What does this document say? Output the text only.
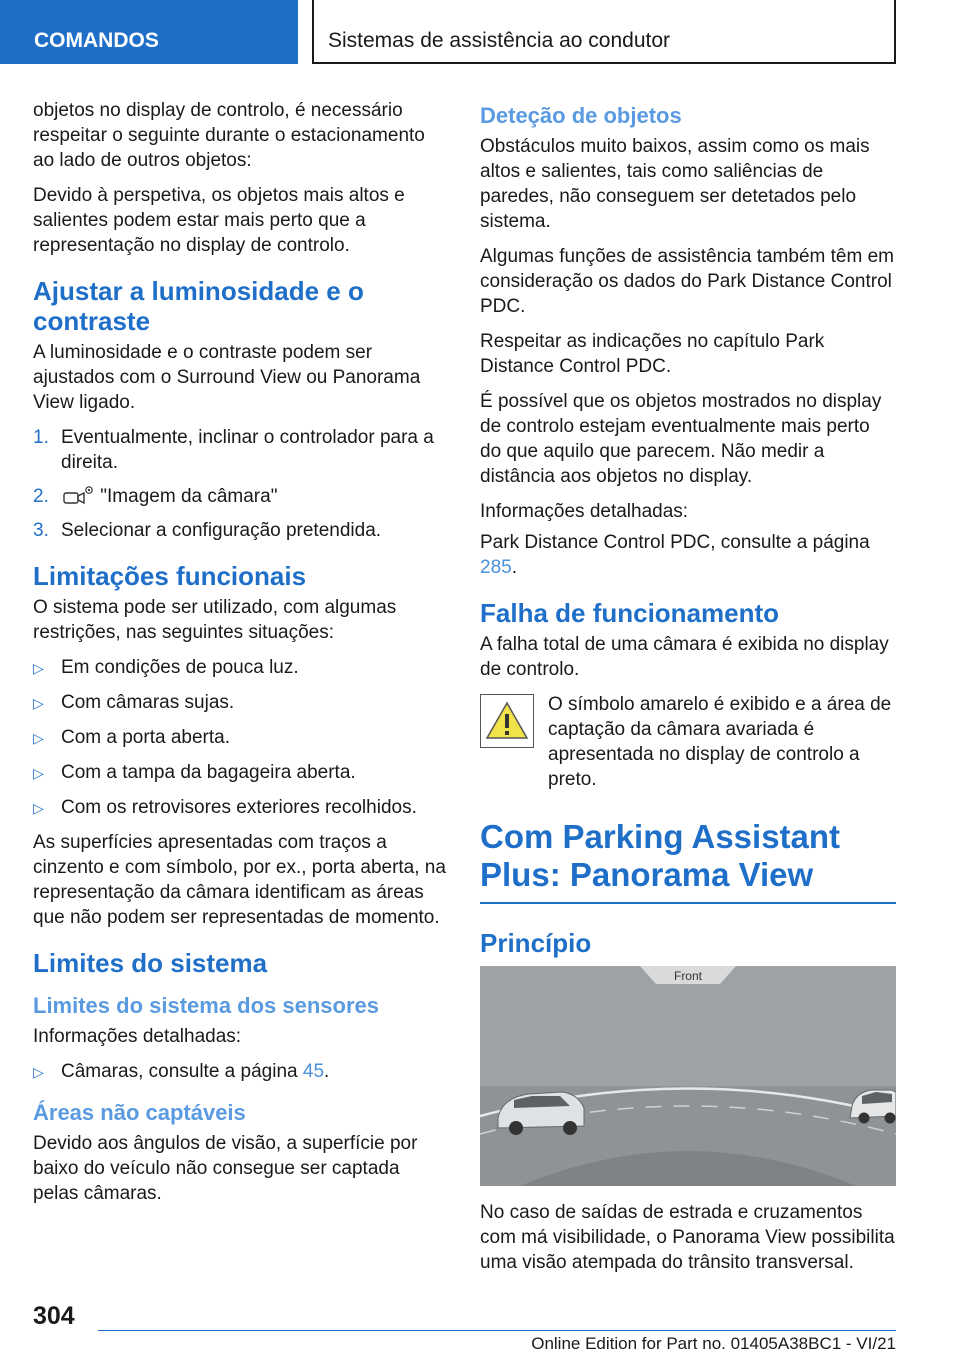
COMANDOS	Sistemas de assistência ao condutor

objetos no display de controlo, é necessário respeitar o seguinte durante o estacionamento ao lado de outros objetos:

Devido à perspetiva, os objetos mais altos e salientes podem estar mais perto que a representação no display de controlo.

Ajustar a luminosidade e o contraste

A luminosidade e o contraste podem ser ajustados com o Surround View ou Panorama View ligado.

1. Eventualmente, inclinar o controlador para a direita.
2.	"Imagem da câmara"
3. Selecionar a configuração pretendida.
Limitações funcionais

O sistema pode ser utilizado, com algumas restrições, nas seguintes situações:

▷ Em condições de pouca luz.
▷ Com câmaras sujas.
▷ Com a porta aberta.
▷ Com a tampa da bagageira aberta.
▷ Com os retrovisores exteriores recolhidos.

As superfícies apresentadas com traços a cinzento e com símbolo, por ex., porta aberta, na representação da câmara identificam as áreas que não podem ser representadas de momento.

Limites do sistema
Limites do sistema dos sensores

Informações detalhadas:

▷ Câmaras, consulte a página 45.
Áreas não captáveis

Devido aos ângulos de visão, a superfície por baixo do veículo não consegue ser captada pelas câmaras.

Deteção de objetos

Obstáculos muito baixos, assim como os mais altos e salientes, tais como saliências de paredes, não conseguem ser detetados pelo sistema.

Algumas funções de assistência também têm em consideração os dados do Park Distance Control PDC.

Respeitar as indicações no capítulo Park Distance Control PDC.

É possível que os objetos mostrados no display de controlo estejam eventualmente mais perto do que aquilo que parecem. Não medir a distância aos objetos no display.

Informações detalhadas:

Park Distance Control PDC, consulte a página 285.

Falha de funcionamento

A falha total de uma câmara é exibida no display de controlo.

O símbolo amarelo é exibido e a área de captação da câmara avariada é apresentada no display de controlo a preto.

Com Parking Assistant Plus: Panorama View
Princípio
Front

No caso de saídas de estrada e cruzamentos com má visibilidade, o Panorama View possibilita uma visão atempada do trânsito transversal.

304
Online Edition for Part no. 01405A38BC1 - VI/21
